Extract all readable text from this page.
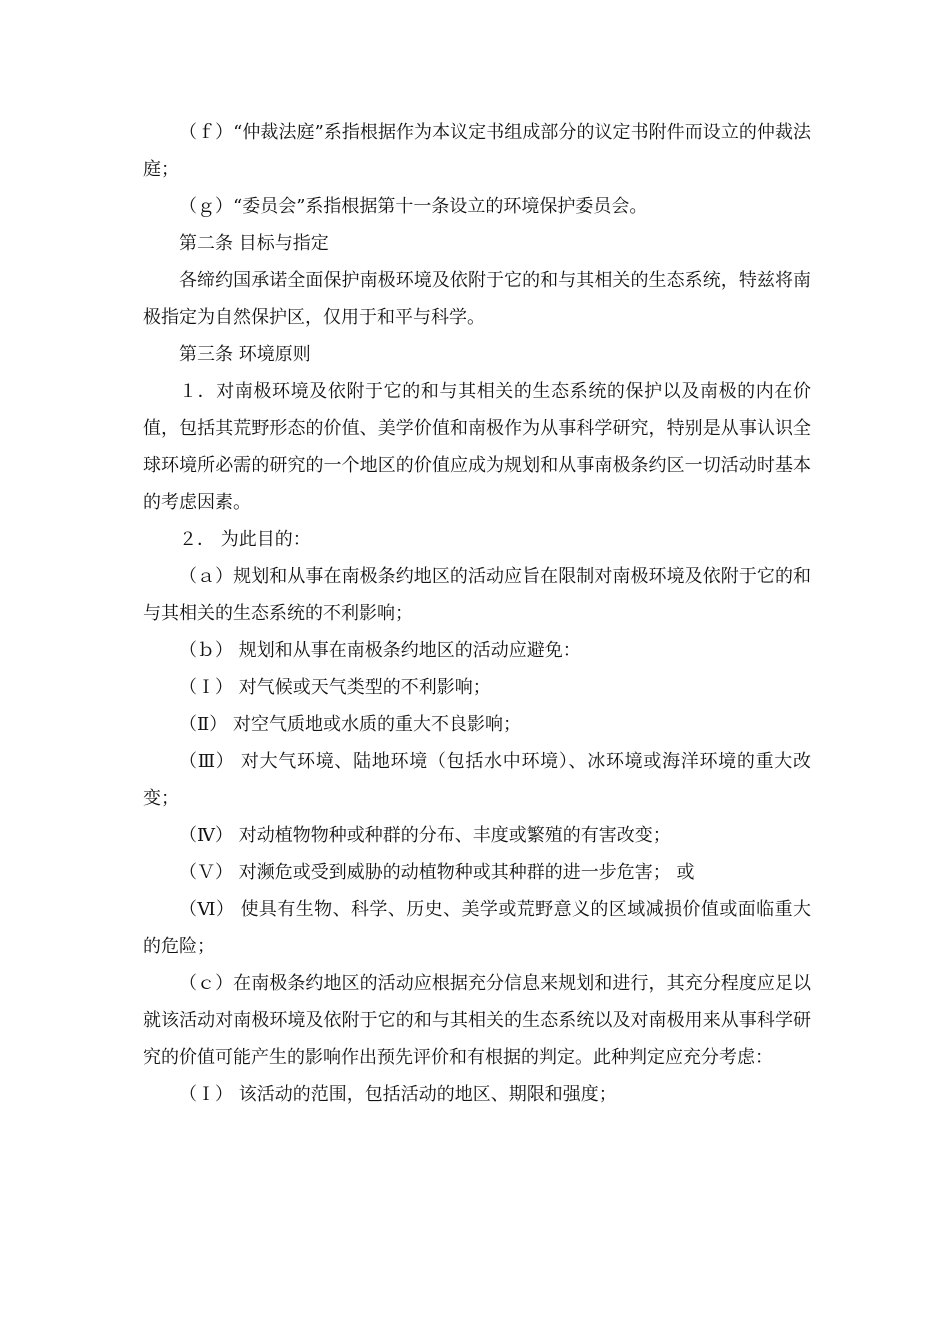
（ｆ）“仲裁法庭”系指根据作为本议定书组成部分的议定书附件而设立的仲裁法庭；

（ｇ）“委员会”系指根据第十一条设立的环境保护委员会。

第二条 目标与指定

各缔约国承诺全面保护南极环境及依附于它的和与其相关的生态系统，特兹将南极指定为自然保护区，仅用于和平与科学。

第三条 环境原则

１．对南极环境及依附于它的和与其相关的生态系统的保护以及南极的内在价值，包括其荒野形态的价值、美学价值和南极作为从事科学研究，特别是从事认识全球环境所必需的研究的一个地区的价值应成为规划和从事南极条约区一切活动时基本的考虑因素。

２． 为此目的：

（ａ）规划和从事在南极条约地区的活动应旨在限制对南极环境及依附于它的和与其相关的生态系统的不利影响；

（ｂ） 规划和从事在南极条约地区的活动应避免：

（Ｉ） 对气候或天气类型的不利影响；

（Ⅱ） 对空气质地或水质的重大不良影响；

（Ⅲ） 对大气环境、陆地环境（包括水中环境）、冰环境或海洋环境的重大改变；

（Ⅳ） 对动植物物种或种群的分布、丰度或繁殖的有害改变；

（Ｖ） 对濒危或受到威胁的动植物种或其种群的进一步危害； 或

（Ⅵ） 使具有生物、科学、历史、美学或荒野意义的区域减损价值或面临重大的危险；

（ｃ）在南极条约地区的活动应根据充分信息来规划和进行，其充分程度应足以就该活动对南极环境及依附于它的和与其相关的生态系统以及对南极用来从事科学研究的价值可能产生的影响作出预先评价和有根据的判定。此种判定应充分考虑：

（Ｉ） 该活动的范围，包括活动的地区、期限和强度；
